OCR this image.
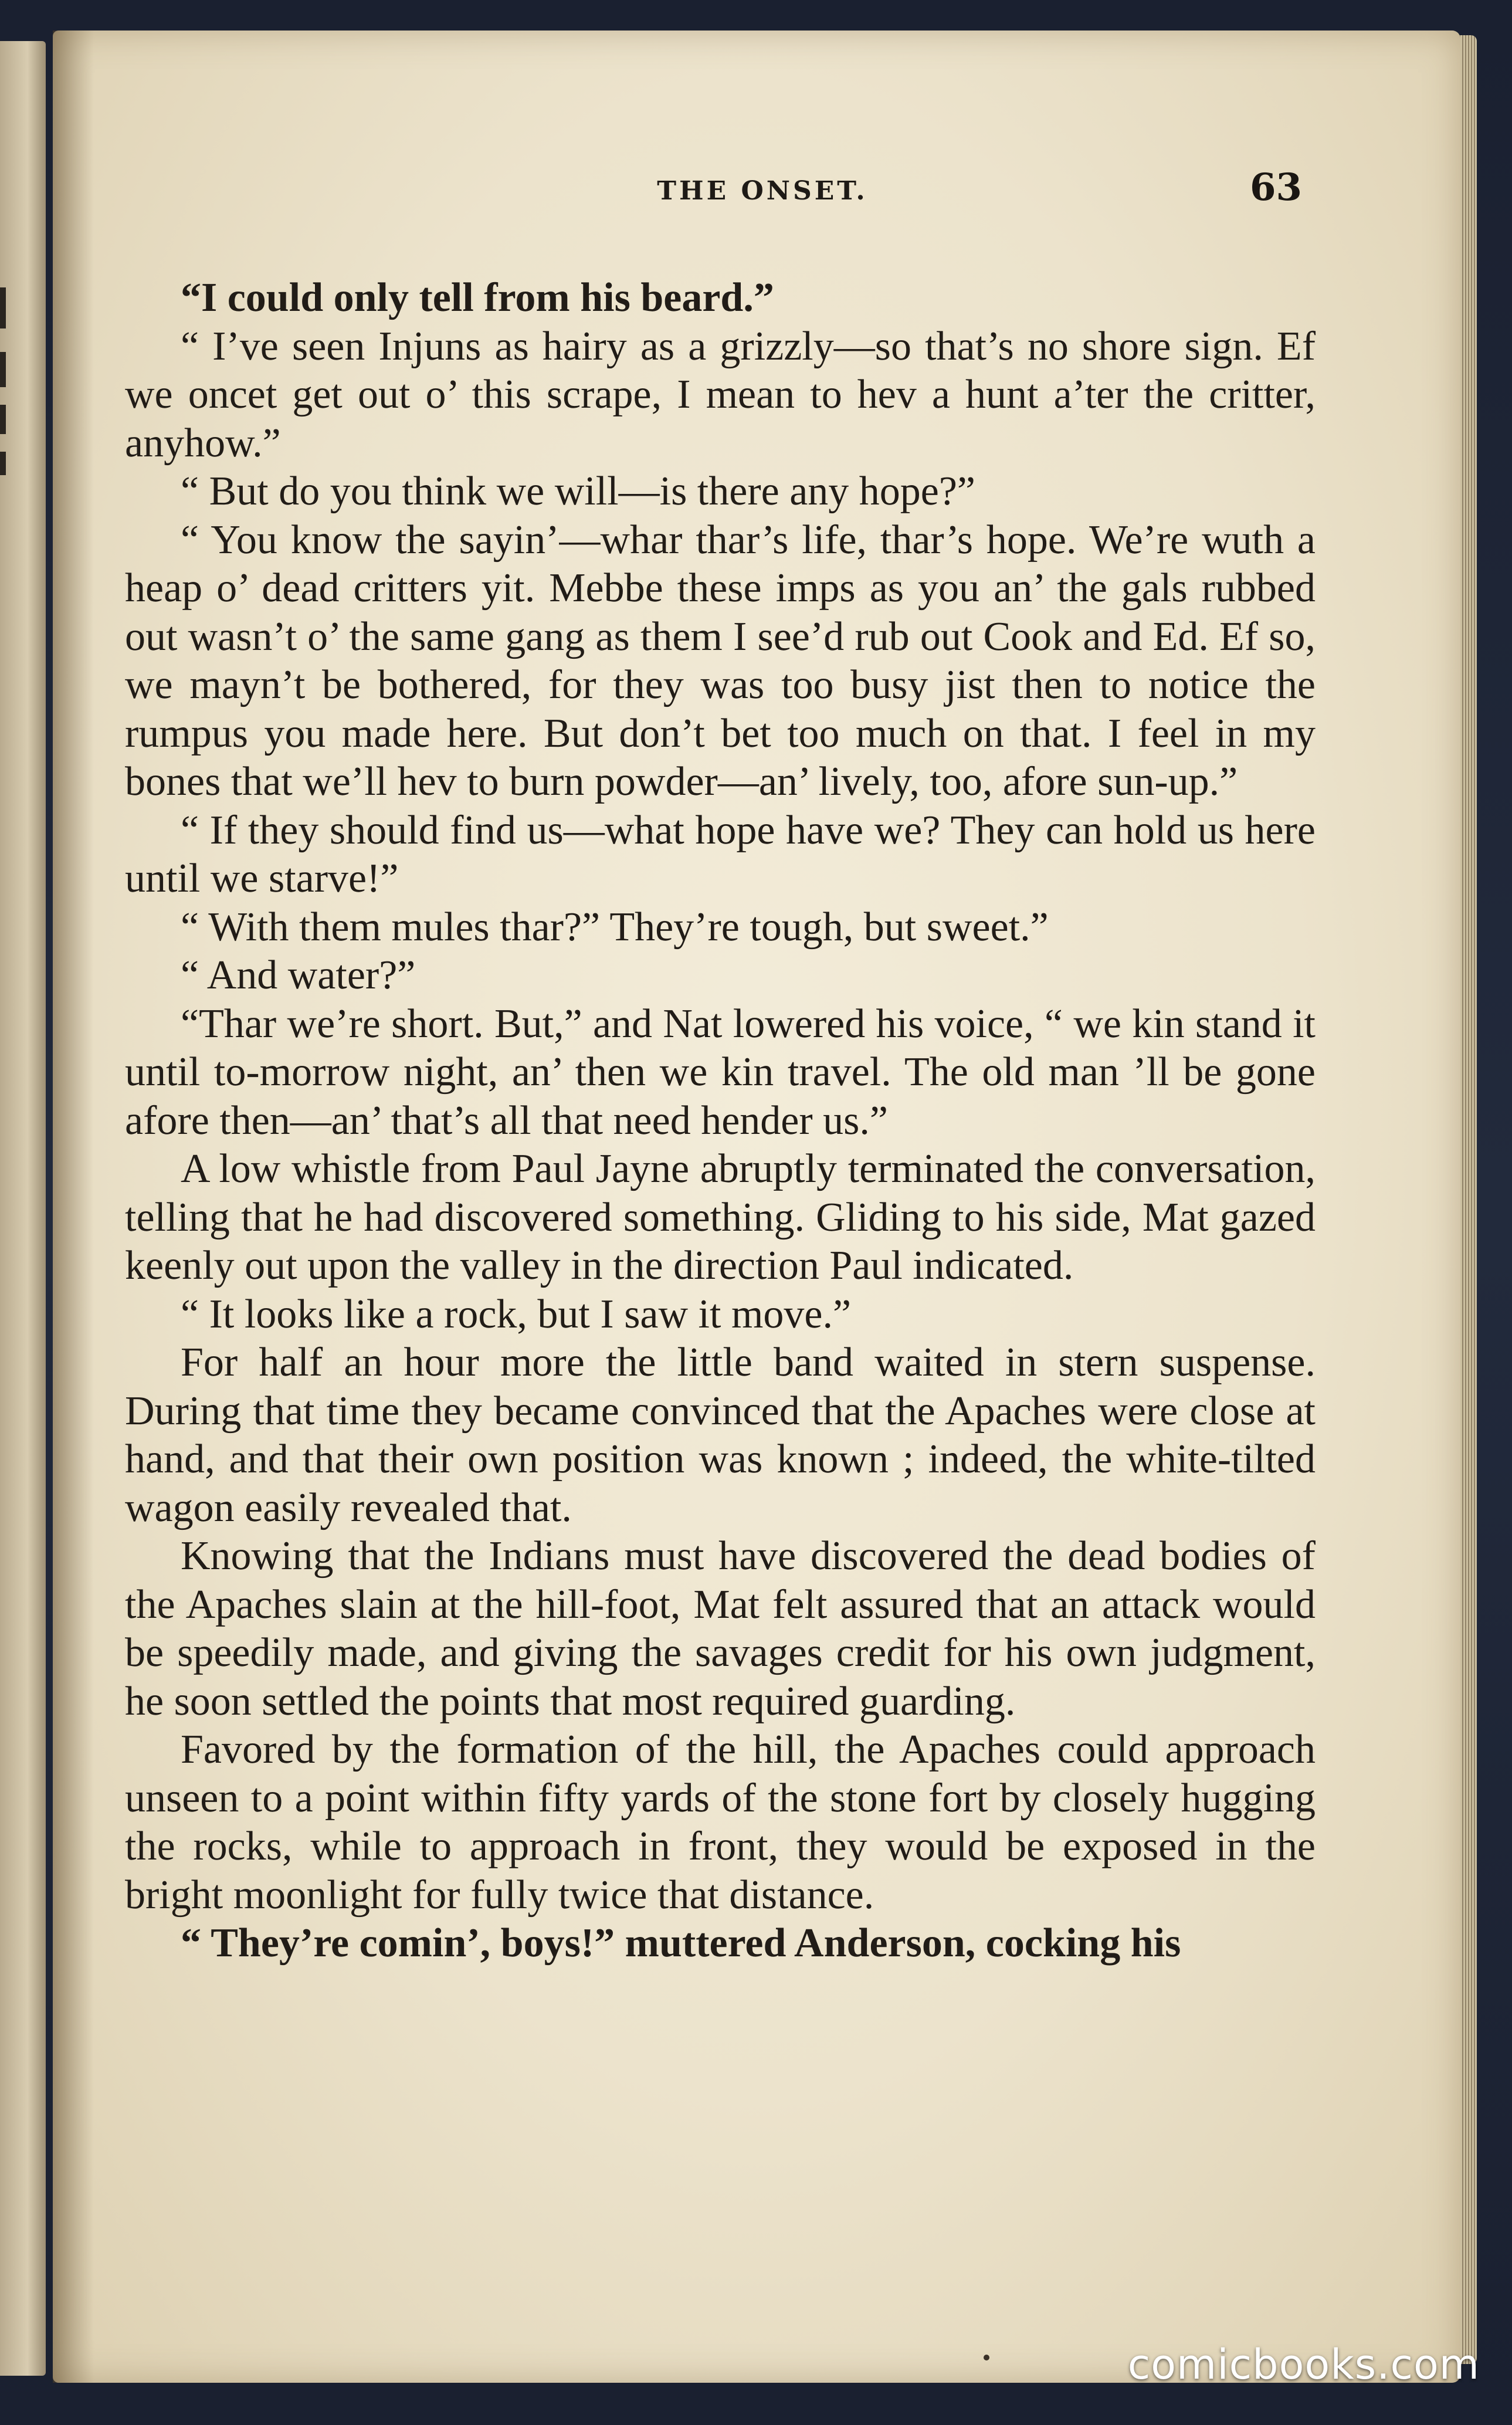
THE ONSET.	63

“I could only tell from his beard.”

“ I’ve seen Injuns as hairy as a grizzly—so that’s no shore sign. Ef we oncet get out o’ this scrape, I mean to hev a hunt a’ter the critter, anyhow.”

“ But do you think we will—is there any hope?”

“ You know the sayin’—whar thar’s life, thar’s hope. We’re wuth a heap o’ dead critters yit. Mebbe these imps as you an’ the gals rubbed out wasn’t o’ the same gang as them I see’d rub out Cook and Ed. Ef so, we mayn’t be bothered, for they was too busy jist then to notice the rumpus you made here. But don’t bet too much on that. I feel in my bones that we’ll hev to burn powder—an’ lively, too, afore sun-up.”

“ If they should find us—what hope have we? They can hold us here until we starve!”

“ With them mules thar?” They’re tough, but sweet.”

“ And water?”

“Thar we’re short. But,” and Nat lowered his voice, “ we kin stand it until to-morrow night, an’ then we kin travel. The old man ’ll be gone afore then—an’ that’s all that need hender us.”

A low whistle from Paul Jayne abruptly terminated the conversation, telling that he had discovered something. Gliding to his side, Mat gazed keenly out upon the valley in the direction Paul indicated.

“ It looks like a rock, but I saw it move.”

For half an hour more the little band waited in stern suspense. During that time they became convinced that the Apaches were close at hand, and that their own position was known ; indeed, the white-tilted wagon easily revealed that.

Knowing that the Indians must have discovered the dead bodies of the Apaches slain at the hill-foot, Mat felt assured that an attack would be speedily made, and giving the savages credit for his own judgment, he soon settled the points that most required guarding.

Favored by the formation of the hill, the Apaches could approach unseen to a point within fifty yards of the stone fort by closely hugging the rocks, while to approach in front, they would be exposed in the bright moonlight for fully twice that distance.

“ They’re comin’, boys!” muttered Anderson, cocking his

comicbooks.com
